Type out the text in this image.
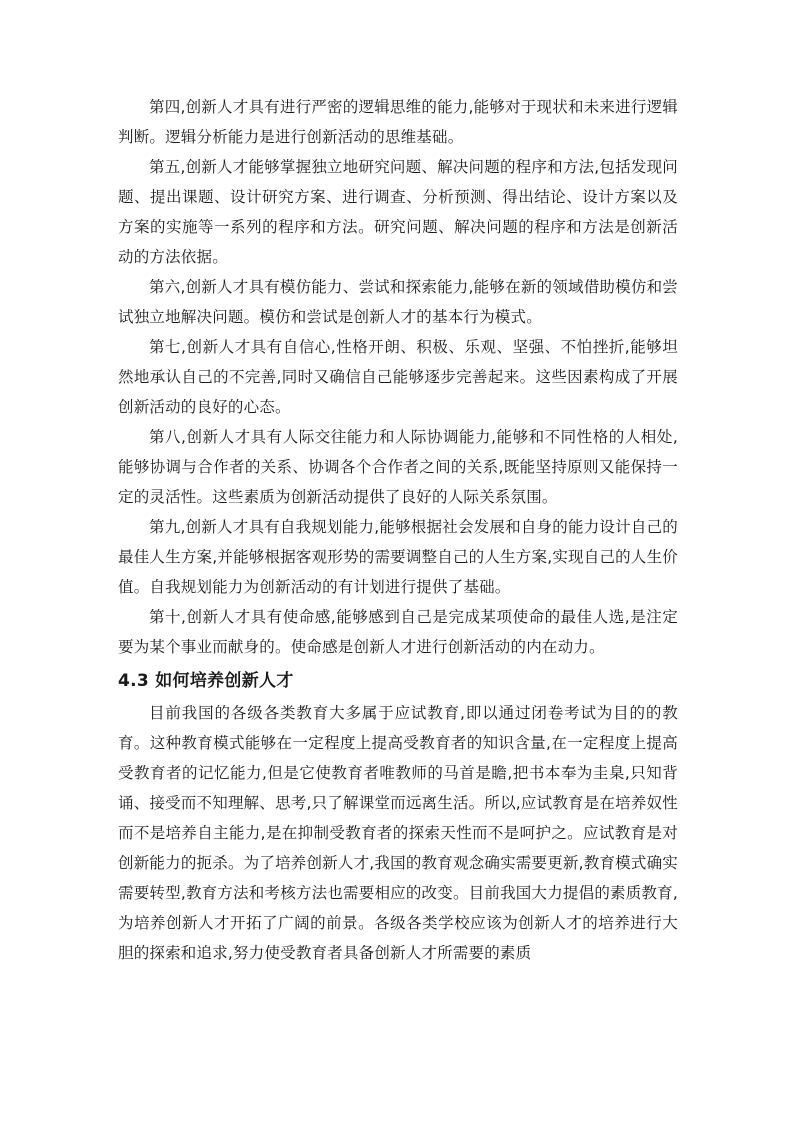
第四,创新人才具有进行严密的逻辑思维的能力,能够对于现状和未来进行逻辑判断。逻辑分析能力是进行创新活动的思维基础。

第五,创新人才能够掌握独立地研究问题、解决问题的程序和方法,包括发现问题、提出课题、设计研究方案、进行调查、分析预测、得出结论、设计方案以及方案的实施等一系列的程序和方法。研究问题、解决问题的程序和方法是创新活动的方法依据。

第六,创新人才具有模仿能力、尝试和探索能力,能够在新的领域借助模仿和尝试独立地解决问题。模仿和尝试是创新人才的基本行为模式。

第七,创新人才具有自信心,性格开朗、积极、乐观、坚强、不怕挫折,能够坦然地承认自己的不完善,同时又确信自己能够逐步完善起来。这些因素构成了开展创新活动的良好的心态。

第八,创新人才具有人际交往能力和人际协调能力,能够和不同性格的人相处,能够协调与合作者的关系、协调各个合作者之间的关系,既能坚持原则又能保持一定的灵活性。这些素质为创新活动提供了良好的人际关系氛围。

第九,创新人才具有自我规划能力,能够根据社会发展和自身的能力设计自己的最佳人生方案,并能够根据客观形势的需要调整自己的人生方案,实现自己的人生价值。自我规划能力为创新活动的有计划进行提供了基础。

第十,创新人才具有使命感,能够感到自己是完成某项使命的最佳人选,是注定要为某个事业而献身的。使命感是创新人才进行创新活动的内在动力。

4.3 如何培养创新人才

目前我国的各级各类教育大多属于应试教育,即以通过闭卷考试为目的的教育。这种教育模式能够在一定程度上提高受教育者的知识含量,在一定程度上提高受教育者的记忆能力,但是它使教育者唯教师的马首是瞻,把书本奉为圭臬,只知背诵、接受而不知理解、思考,只了解课堂而远离生活。所以,应试教育是在培养奴性而不是培养自主能力,是在抑制受教育者的探索天性而不是呵护之。应试教育是对创新能力的扼杀。为了培养创新人才,我国的教育观念确实需要更新,教育模式确实需要转型,教育方法和考核方法也需要相应的改变。目前我国大力提倡的素质教育,为培养创新人才开拓了广阔的前景。各级各类学校应该为创新人才的培养进行大胆的探索和追求,努力使受教育者具备创新人才所需要的素质
